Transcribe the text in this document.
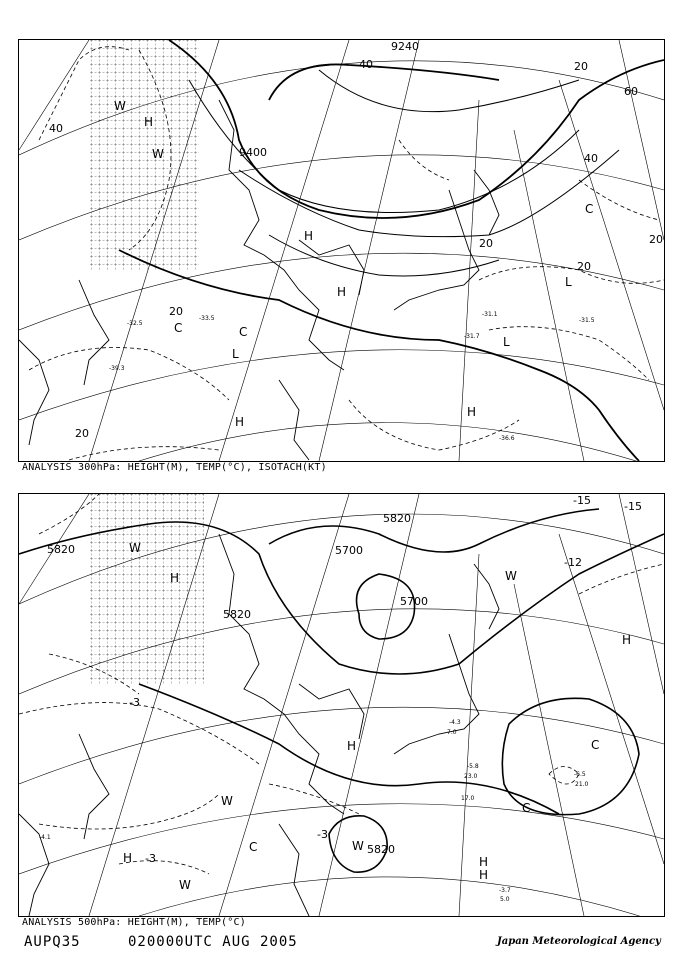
9240
9400
40
40
40
20
20
20
20
20
20
60
H
H
H
H
H
L
L
L
C	C
C
W
W
-31.1
-31.5
-31.7
-33.5
-32.5
-36.6
-39.3
ANALYSIS 300hPa: HEIGHT(M), TEMP(°C), ISOTACH(KT)
5820
5820
5820
5700
5700
5820
-15	-15
-12
-3
-3
-3
H
H
H
H	H
H
W
W
W
W
W
C
C
C
-5.8
-6.5
-4.3
-4.1
-3.7
7.0
23.0
17.0
21.0
5.0
ANALYSIS 500hPa: HEIGHT(M), TEMP(°C)
AUPQ35	020000UTC AUG 2005	Japan Meteorological Agency
